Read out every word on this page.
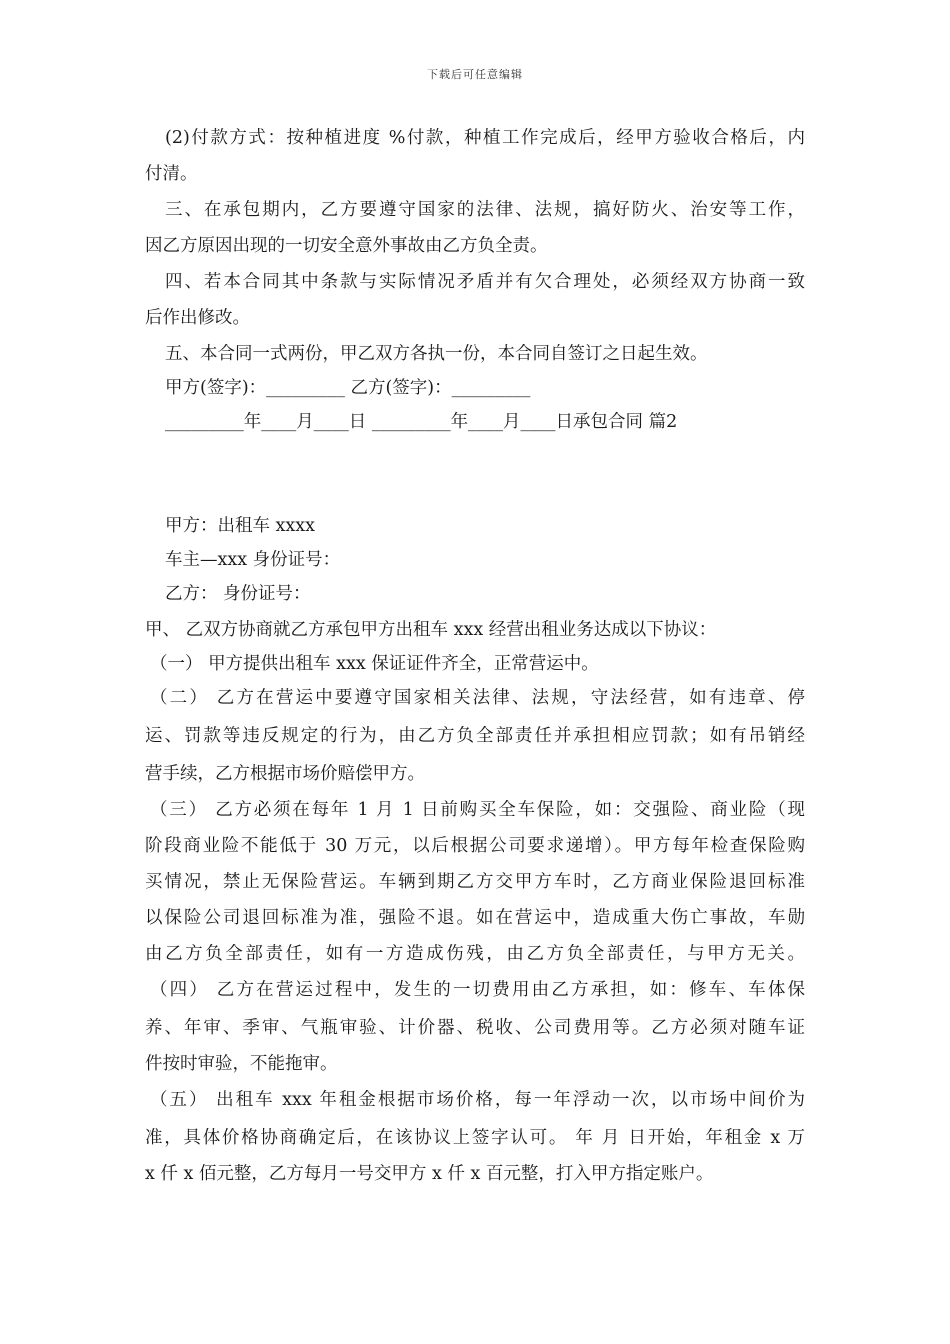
下载后可任意编辑
(2)付款方式：按种植进度 %付款，种植工作完成后，经甲方验收合格后，内
付清。
三、在承包期内，乙方要遵守国家的法律、法规，搞好防火、治安等工作，
因乙方原因出现的一切安全意外事故由乙方负全责。
四、若本合同其中条款与实际情况矛盾并有欠合理处，必须经双方协商一致
后作出修改。
五、本合同一式两份，甲乙双方各执一份，本合同自签订之日起生效。
甲方(签字)：_________ 乙方(签字)：_________
_________年____月____日 _________年____月____日承包合同 篇2
甲方：出租车 xxxx
车主—xxx 身份证号：
乙方： 身份证号：
甲、 乙双方协商就乙方承包甲方出租车 xxx 经营出租业务达成以下协议：
（一） 甲方提供出租车 xxx 保证证件齐全，正常营运中。
（二） 乙方在营运中要遵守国家相关法律、法规，守法经营，如有违章、停
运、罚款等违反规定的行为，由乙方负全部责任并承担相应罚款；如有吊销经
营手续，乙方根据市场价赔偿甲方。
（三） 乙方必须在每年 1 月 1 日前购买全车保险，如：交强险、商业险（现
阶段商业险不能低于 30 万元，以后根据公司要求递增）。甲方每年检查保险购
买情况，禁止无保险营运。车辆到期乙方交甲方车时，乙方商业保险退回标准
以保险公司退回标准为准，强险不退。如在营运中，造成重大伤亡事故，车勋
由乙方负全部责任，如有一方造成伤残，由乙方负全部责任，与甲方无关。
（四） 乙方在营运过程中，发生的一切费用由乙方承担，如：修车、车体保
养、年审、季审、气瓶审验、计价器、税收、公司费用等。乙方必须对随车证
件按时审验，不能拖审。
（五） 出租车 xxx 年租金根据市场价格，每一年浮动一次，以市场中间价为
准，具体价格协商确定后，在该协议上签字认可。 年 月 日开始，年租金 x 万
x 仟 x 佰元整，乙方每月一号交甲方 x 仟 x 百元整，打入甲方指定账户。
